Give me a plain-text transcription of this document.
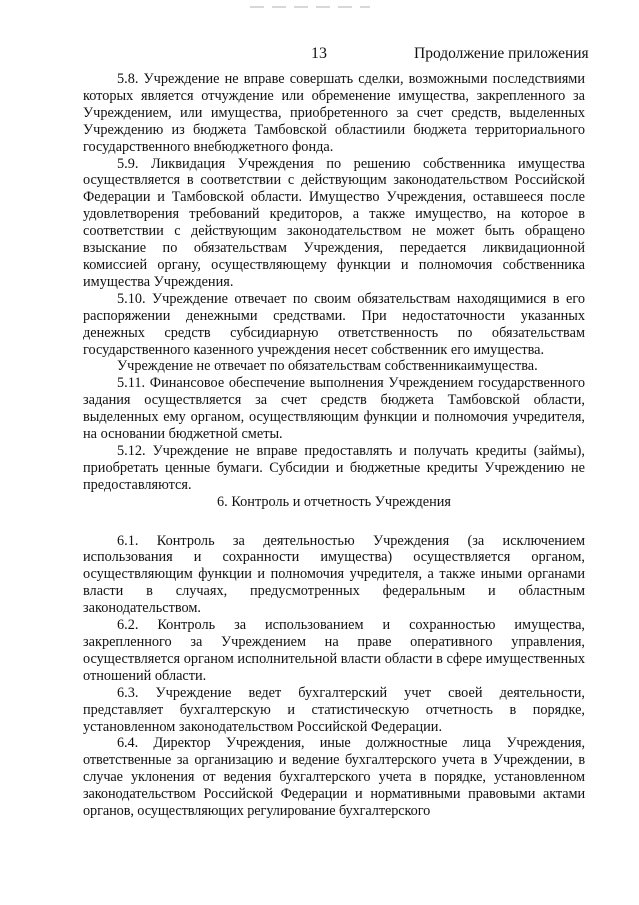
13	Продолжение приложения

5.8. Учреждение не вправе совершать сделки, возможными последствиями которых является отчуждение или обременение имущества, закрепленного за Учреждением, или имущества, приобретенного за счет средств, выделенных Учреждению из бюджета Тамбовской областиили бюджета территориального государственного внебюджетного фонда.

5.9. Ликвидация Учреждения по решению собственника имущества осуществляется в соответствии с действующим законодательством Российской Федерации и Тамбовской области. Имущество Учреждения, оставшееся после удовлетворения требований кредиторов, а также имущество, на которое в соответствии с действующим законодательством не может быть обращено взыскание по обязательствам Учреждения, передается ликвидационной комиссией органу, осуществляющему функции и полномочия собственника имущества Учреждения.

5.10. Учреждение отвечает по своим обязательствам находящимися в его распоряжении денежными средствами. При недостаточности указанных денежных средств субсидиарную ответственность по обязательствам государственного казенного учреждения несет собственник его имущества.

Учреждение не отвечает по обязательствам собственникаимущества.

5.11. Финансовое обеспечение выполнения Учреждением государственного задания осуществляется за счет средств бюджета Тамбовской области, выделенных ему органом, осуществляющим функции и полномочия учредителя, на основании бюджетной сметы.

5.12. Учреждение не вправе предоставлять и получать кредиты (займы), приобретать ценные бумаги. Субсидии и бюджетные кредиты Учреждению не предоставляются.

6. Контроль и отчетность Учреждения

6.1. Контроль за деятельностью Учреждения (за исключением использования и сохранности имущества) осуществляется органом, осуществляющим функции и полномочия учредителя, а также иными органами власти в случаях, предусмотренных федеральным и областным законодательством.

6.2. Контроль за использованием и сохранностью имущества, закрепленного за Учреждением на праве оперативного управления, осуществляется органом исполнительной власти области в сфере имущественных отношений области.

6.3. Учреждение ведет бухгалтерский учет своей деятельности, представляет бухгалтерскую и статистическую отчетность в порядке, установленном законодательством Российской Федерации.

6.4. Директор Учреждения, иные должностные лица Учреждения, ответственные за организацию и ведение бухгалтерского учета в Учреждении, в случае уклонения от ведения бухгалтерского учета в порядке, установленном законодательством Российской Федерации и нормативными правовыми актами органов, осуществляющих регулирование бухгалтерского
